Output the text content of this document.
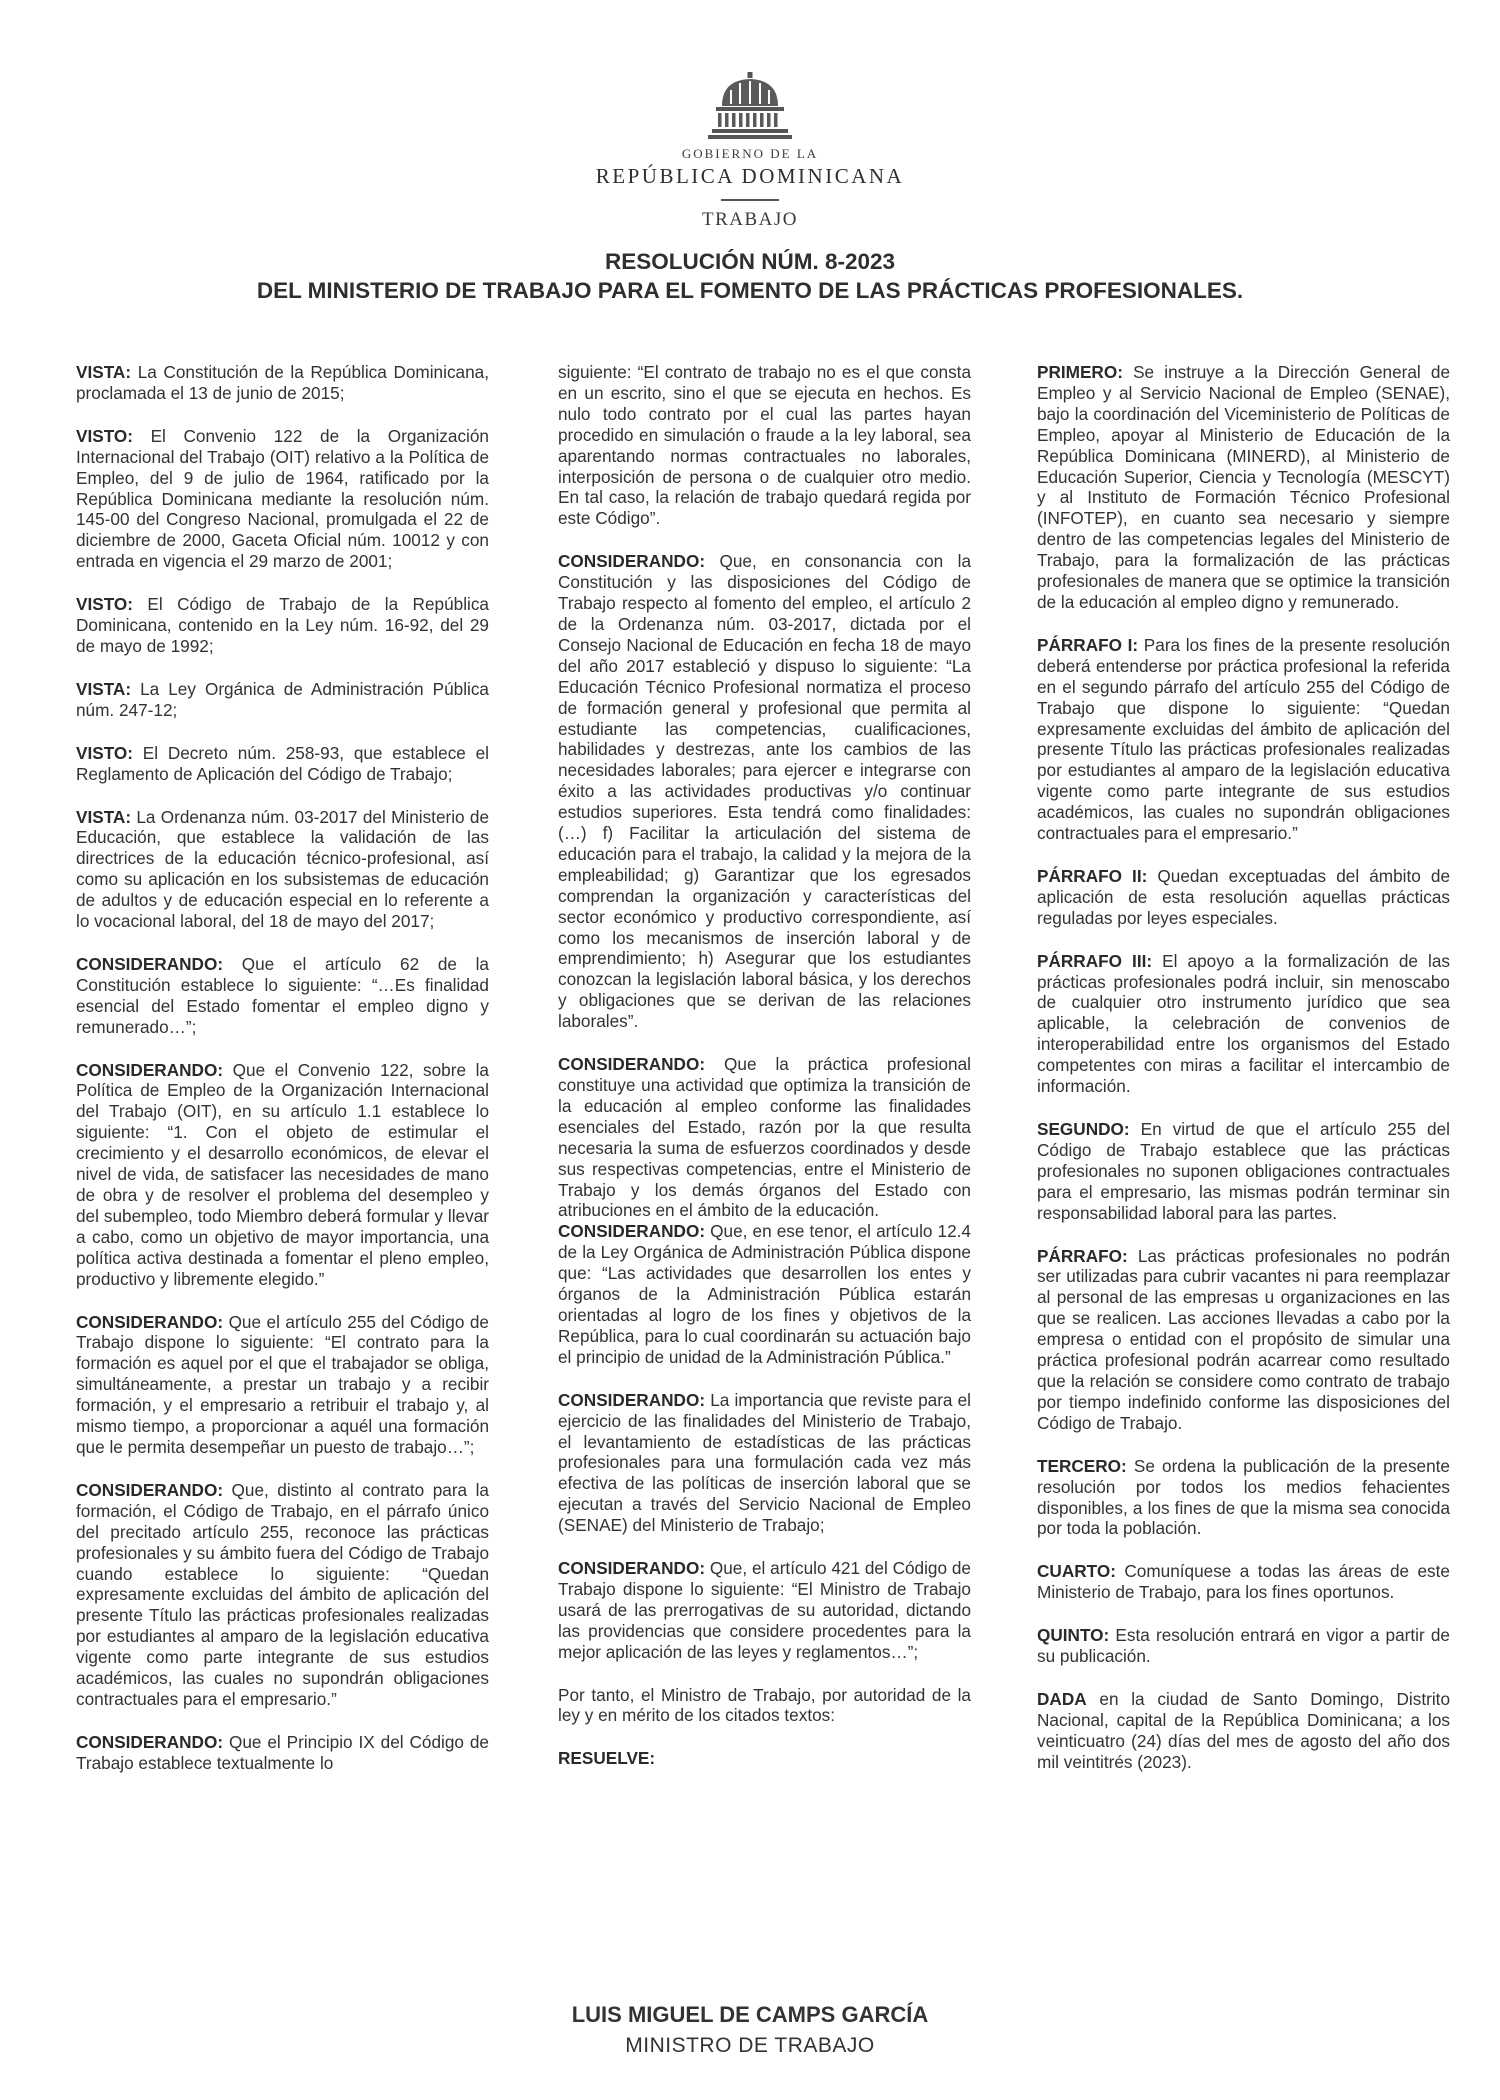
GOBIERNO DE LA
REPÚBLICA DOMINICANA
TRABAJO
RESOLUCIÓN NÚM. 8-2023
DEL MINISTERIO DE TRABAJO PARA EL FOMENTO DE LAS PRÁCTICAS PROFESIONALES.

VISTA: La Constitución de la República Dominicana, proclamada el 13 de junio de 2015;

VISTO: El Convenio 122 de la Organización Internacional del Trabajo (OIT) relativo a la Política de Empleo, del 9 de julio de 1964, ratificado por la República Dominicana mediante la resolución núm. 145-00 del Congreso Nacional, promulgada el 22 de diciembre de 2000, Gaceta Oficial núm. 10012 y con entrada en vigencia el 29 marzo de 2001;

VISTO: El Código de Trabajo de la República Dominicana, contenido en la Ley núm. 16-92, del 29 de mayo de 1992;

VISTA: La Ley Orgánica de Administración Pública núm. 247-12;

VISTO: El Decreto núm. 258-93, que establece el Reglamento de Aplicación del Código de Trabajo;

VISTA: La Ordenanza núm. 03-2017 del Ministerio de Educación, que establece la validación de las directrices de la educación técnico-profesional, así como su aplicación en los subsistemas de educación de adultos y de educación especial en lo referente a lo vocacional laboral, del 18 de mayo del 2017;

CONSIDERANDO: Que el artículo 62 de la Constitución establece lo siguiente: “…Es finalidad esencial del Estado fomentar el empleo digno y remunerado…”;

CONSIDERANDO: Que el Convenio 122, sobre la Política de Empleo de la Organización Internacional del Trabajo (OIT), en su artículo 1.1 establece lo siguiente: “1. Con el objeto de estimular el crecimiento y el desarrollo económicos, de elevar el nivel de vida, de satisfacer las necesidades de mano de obra y de resolver el problema del desempleo y del subempleo, todo Miembro deberá formular y llevar a cabo, como un objetivo de mayor importancia, una política activa destinada a fomentar el pleno empleo, productivo y libremente elegido.”

CONSIDERANDO: Que el artículo 255 del Código de Trabajo dispone lo siguiente: “El contrato para la formación es aquel por el que el trabajador se obliga, simultáneamente, a prestar un trabajo y a recibir formación, y el empresario a retribuir el trabajo y, al mismo tiempo, a proporcionar a aquél una formación que le permita desempeñar un puesto de trabajo…”;

CONSIDERANDO: Que, distinto al contrato para la formación, el Código de Trabajo, en el párrafo único del precitado artículo 255, reconoce las prácticas profesionales y su ámbito fuera del Código de Trabajo cuando establece lo siguiente: “Quedan expresamente excluidas del ámbito de aplicación del presente Título las prácticas profesionales realizadas por estudiantes al amparo de la legislación educativa vigente como parte integrante de sus estudios académicos, las cuales no supondrán obligaciones contractuales para el empresario.”

CONSIDERANDO: Que el Principio IX del Código de Trabajo establece textualmente lo

siguiente: “El contrato de trabajo no es el que consta en un escrito, sino el que se ejecuta en hechos. Es nulo todo contrato por el cual las partes hayan procedido en simulación o fraude a la ley laboral, sea aparentando normas contractuales no laborales, interposición de persona o de cualquier otro medio. En tal caso, la relación de trabajo quedará regida por este Código”.

CONSIDERANDO: Que, en consonancia con la Constitución y las disposiciones del Código de Trabajo respecto al fomento del empleo, el artículo 2 de la Ordenanza núm. 03-2017, dictada por el Consejo Nacional de Educación en fecha 18 de mayo del año 2017 estableció y dispuso lo siguiente: “La Educación Técnico Profesional normatiza el proceso de formación general y profesional que permita al estudiante las competencias, cualificaciones, habilidades y destrezas, ante los cambios de las necesidades laborales; para ejercer e integrarse con éxito a las actividades productivas y/o continuar estudios superiores. Esta tendrá como finalidades: (…) f) Facilitar la articulación del sistema de educación para el trabajo, la calidad y la mejora de la empleabilidad; g) Garantizar que los egresados comprendan la organización y características del sector económico y productivo correspondiente, así como los mecanismos de inserción laboral y de emprendimiento; h) Asegurar que los estudiantes conozcan la legislación laboral básica, y los derechos y obligaciones que se derivan de las relaciones laborales”.

CONSIDERANDO: Que la práctica profesional constituye una actividad que optimiza la transición de la educación al empleo conforme las finalidades esenciales del Estado, razón por la que resulta necesaria la suma de esfuerzos coordinados y desde sus respectivas competencias, entre el Ministerio de Trabajo y los demás órganos del Estado con atribuciones en el ámbito de la educación.

CONSIDERANDO: Que, en ese tenor, el artículo 12.4 de la Ley Orgánica de Administración Pública dispone que: “Las actividades que desarrollen los entes y órganos de la Administración Pública estarán orientadas al logro de los fines y objetivos de la República, para lo cual coordinarán su actuación bajo el principio de unidad de la Administración Pública.”

CONSIDERANDO: La importancia que reviste para el ejercicio de las finalidades del Ministerio de Trabajo, el levantamiento de estadísticas de las prácticas profesionales para una formulación cada vez más efectiva de las políticas de inserción laboral que se ejecutan a través del Servicio Nacional de Empleo (SENAE) del Ministerio de Trabajo;

CONSIDERANDO: Que, el artículo 421 del Código de Trabajo dispone lo siguiente: “El Ministro de Trabajo usará de las prerrogativas de su autoridad, dictando las providencias que considere procedentes para la mejor aplicación de las leyes y reglamentos…”;

Por tanto, el Ministro de Trabajo, por autoridad de la ley y en mérito de los citados textos:

RESUELVE:

PRIMERO: Se instruye a la Dirección General de Empleo y al Servicio Nacional de Empleo (SENAE), bajo la coordinación del Viceministerio de Políticas de Empleo, apoyar al Ministerio de Educación de la República Dominicana (MINERD), al Ministerio de Educación Superior, Ciencia y Tecnología (MESCYT) y al Instituto de Formación Técnico Profesional (INFOTEP), en cuanto sea necesario y siempre dentro de las competencias legales del Ministerio de Trabajo, para la formalización de las prácticas profesionales de manera que se optimice la transición de la educación al empleo digno y remunerado.

PÁRRAFO I: Para los fines de la presente resolución deberá entenderse por práctica profesional la referida en el segundo párrafo del artículo 255 del Código de Trabajo que dispone lo siguiente: “Quedan expresamente excluidas del ámbito de aplicación del presente Título las prácticas profesionales realizadas por estudiantes al amparo de la legislación educativa vigente como parte integrante de sus estudios académicos, las cuales no supondrán obligaciones contractuales para el empresario.”

PÁRRAFO II: Quedan exceptuadas del ámbito de aplicación de esta resolución aquellas prácticas reguladas por leyes especiales.

PÁRRAFO III: El apoyo a la formalización de las prácticas profesionales podrá incluir, sin menoscabo de cualquier otro instrumento jurídico que sea aplicable, la celebración de convenios de interoperabilidad entre los organismos del Estado competentes con miras a facilitar el intercambio de información.

SEGUNDO: En virtud de que el artículo 255 del Código de Trabajo establece que las prácticas profesionales no suponen obligaciones contractuales para el empresario, las mismas podrán terminar sin responsabilidad laboral para las partes.

PÁRRAFO: Las prácticas profesionales no podrán ser utilizadas para cubrir vacantes ni para reemplazar al personal de las empresas u organizaciones en las que se realicen. Las acciones llevadas a cabo por la empresa o entidad con el propósito de simular una práctica profesional podrán acarrear como resultado que la relación se considere como contrato de trabajo por tiempo indefinido conforme las disposiciones del Código de Trabajo.

TERCERO: Se ordena la publicación de la presente resolución por todos los medios fehacientes disponibles, a los fines de que la misma sea conocida por toda la población.

CUARTO: Comuníquese a todas las áreas de este Ministerio de Trabajo, para los fines oportunos.

QUINTO: Esta resolución entrará en vigor a partir de su publicación.

DADA en la ciudad de Santo Domingo, Distrito Nacional, capital de la República Dominicana; a los veinticuatro (24) días del mes de agosto del año dos mil veintitrés (2023).

LUIS MIGUEL DE CAMPS GARCÍA
MINISTRO DE TRABAJO
